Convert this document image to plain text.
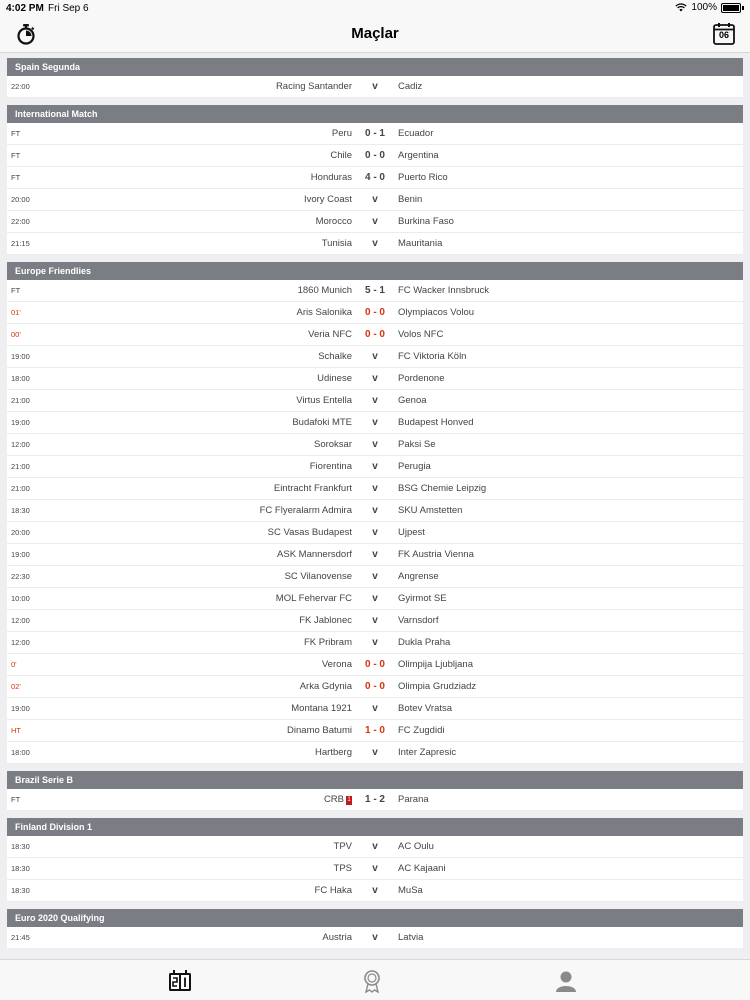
4:02 PM Fri Sep 6	100%
Maçlar	06
Spain Segunda
22:00	Racing Santander	v	Cadiz
International Match
FT	Peru	0 - 1	Ecuador
FT	Chile	0 - 0	Argentina
FT	Honduras	4 - 0	Puerto Rico
20:00	Ivory Coast	v	Benin
22:00	Morocco	v	Burkina Faso
21:15	Tunisia	v	Mauritania
Europe Friendlies
FT	1860 Munich	5 - 1	FC Wacker Innsbruck
01'	Aris Salonika	0 - 0	Olympiacos Volou
00'	Veria NFC	0 - 0	Volos NFC
19:00	Schalke	v	FC Viktoria Köln
18:00	Udinese	v	Pordenone
21:00	Virtus Entella	v	Genoa
19:00	Budafoki MTE	v	Budapest Honved
12:00	Soroksar	v	Paksi Se
21:00	Fiorentina	v	Perugia
21:00	Eintracht Frankfurt	v	BSG Chemie Leipzig
18:30	FC Flyeralarm Admira	v	SKU Amstetten
20:00	SC Vasas Budapest	v	Ujpest
19:00	ASK Mannersdorf	v	FK Austria Vienna
22:30	SC Vilanovense	v	Angrense
10:00	MOL Fehervar FC	v	Gyirmot SE
12:00	FK Jablonec	v	Varnsdorf
12:00	FK Pribram	v	Dukla Praha
0'	Verona	0 - 0	Olimpija Ljubljana
02'	Arka Gdynia	0 - 0	Olimpia Grudziadz
19:00	Montana 1921	v	Botev Vratsa
HT	Dinamo Batumi	1 - 0	FC Zugdidi
18:00	Hartberg	v	Inter Zapresic
Brazil Serie B
FT	CRB 1	1 - 2	Parana
Finland Division 1
18:30	TPV	v	AC Oulu
18:30	TPS	v	AC Kajaani
18:30	FC Haka	v	MuSa
Euro 2020 Qualifying
21:45	Austria	v	Latvia
